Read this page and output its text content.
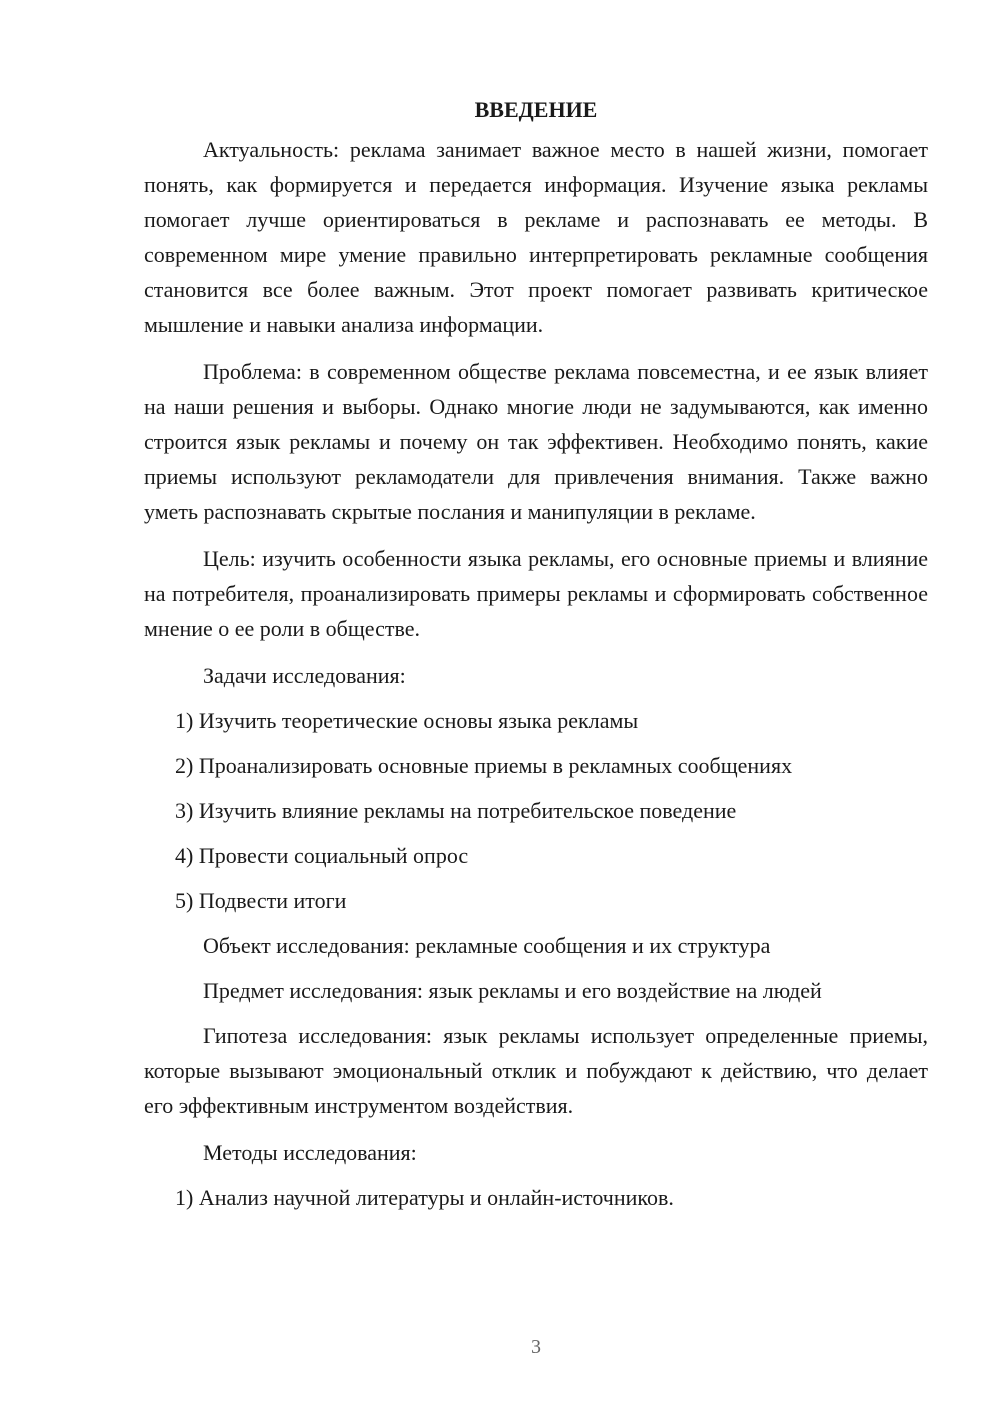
ВВЕДЕНИЕ

Актуальность: реклама занимает важное место в нашей жизни, помогает понять, как формируется и передается информация. Изучение языка рекламы помогает лучше ориентироваться в рекламе и распознавать ее методы. В современном мире умение правильно интерпретировать рекламные сообщения становится все более важным. Этот проект помогает развивать критическое мышление и навыки анализа информации.

Проблема: в современном обществе реклама повсеместна, и ее язык влияет на наши решения и выборы. Однако многие люди не задумываются, как именно строится язык рекламы и почему он так эффективен. Необходимо понять, какие приемы используют рекламодатели для привлечения внимания. Также важно уметь распознавать скрытые послания и манипуляции в рекламе.

Цель: изучить особенности языка рекламы, его основные приемы и влияние на потребителя, проанализировать примеры рекламы и сформировать собственное мнение о ее роли в обществе.

Задачи исследования:

1) Изучить теоретические основы языка рекламы

2) Проанализировать основные приемы в рекламных сообщениях

3) Изучить влияние рекламы на потребительское поведение

4) Провести социальный опрос

5) Подвести итоги

Объект исследования: рекламные сообщения и их структура

Предмет исследования: язык рекламы и его воздействие на людей

Гипотеза исследования: язык рекламы использует определенные приемы, которые вызывают эмоциональный отклик и побуждают к действию, что делает его эффективным инструментом воздействия.

Методы исследования:

1) Анализ научной литературы и онлайн-источников.

3
